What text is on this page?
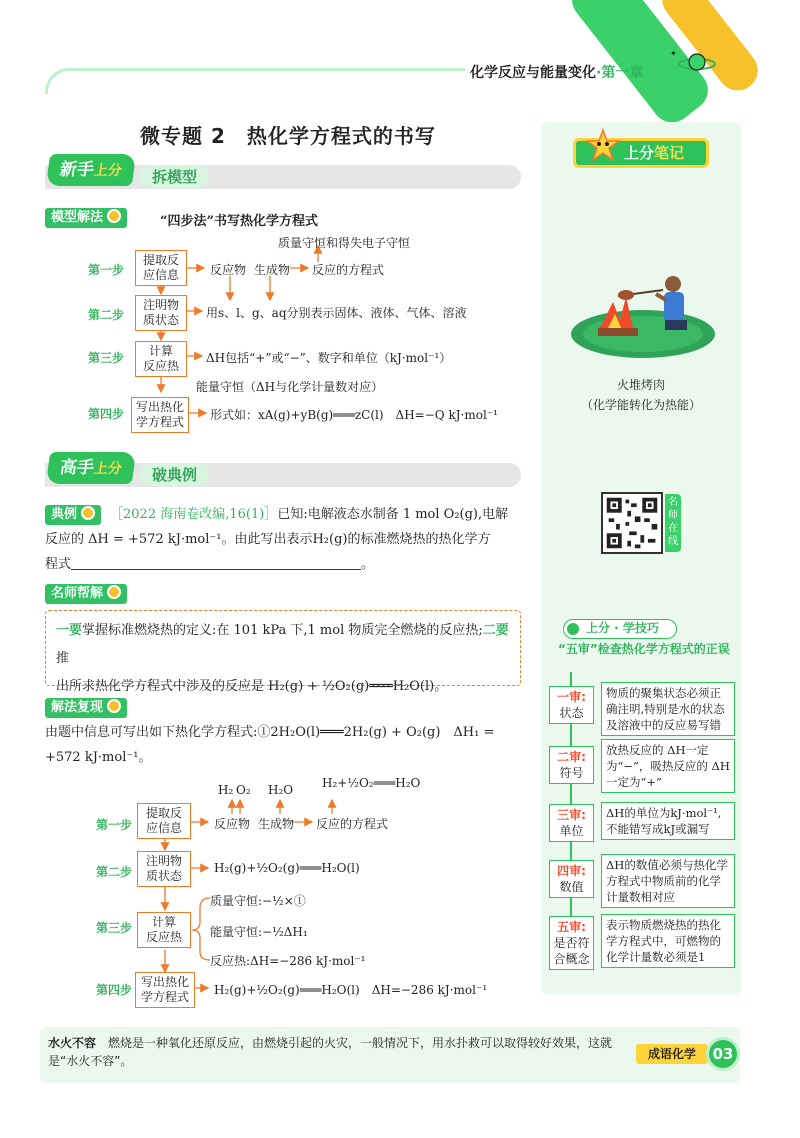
化学反应与能量变化·第一章
✦
微专题 2　热化学方程式的书写
新手上分	拆模型
模型解法	“四步法”书写热化学方程式
第一步
第二步
第三步
第四步
提取反
应信息
注明物
质状态
计算
反应热
写出热化
学方程式
质量守恒和得失电子守恒
反应物 生成物 反应的方程式
用s、l、g、aq分别表示固体、液体、气体、溶液
ΔH包括“+”或“−”、数字和单位（kJ·mol⁻¹）
能量守恒（ΔH与化学计量数对应）
形式如：xA(g)+yB(g)═══zC(l)　ΔH=−Q kJ·mol⁻¹
高手上分	破典例
典例	［2022 海南卷改编,16(1)］已知:电解液态水制备 1 mol O₂(g),电解
反应的 ΔH = +572 kJ·mol⁻¹。由此写出表示H₂(g)的标准燃烧热的热化学方
程式	。
名师帮解
一要掌握标准燃烧热的定义:在 101 kPa 下,1 mol 物质完全燃烧的反应热;二要推
出所求热化学方程式中涉及的反应是 H₂(g) + ½O₂(g)═══H₂O(l)。
解法复现
由题中信息可写出如下热化学方程式:①2H₂O(l)═══2H₂(g) + O₂(g)　ΔH₁ =
+572 kJ·mol⁻¹。
第一步
第二步
第三步
第四步
提取反
应信息
注明物
质状态
计算
反应热
写出热化
学方程式
H₂ O₂ H₂O H₂+½O₂═══H₂O
反应物 生成物 反应的方程式
H₂(g)+½O₂(g)═══H₂O(l)
质量守恒:−½×①
能量守恒:−½ΔH₁
反应热:ΔH=−286 kJ·mol⁻¹
H₂(g)+½O₂(g)═══H₂O(l)　ΔH=−286 kJ·mol⁻¹
上分笔记
火堆烤肉
（化学能转化为热能）
名师在线
上分 · 学技巧
“五审”检查热化学方程式的正误
一审:
状态
物质的聚集状态必须正确注明,特别是水的状态及溶液中的反应易写错
二审:
符号
放热反应的 ΔH一定为“−”，吸热反应的 ΔH一定为“+”
三审:
单位
ΔH的单位为kJ·mol⁻¹,不能错写成kJ或漏写
四审:
数值
ΔH的数值必须与热化学方程式中物质前的化学计量数相对应
五审:
是否符合概念
表示物质燃烧热的热化学方程式中，可燃物的化学计量数必须是1
水火不容　 燃烧是一种氧化还原反应，由燃烧引起的火灾，一般情况下，用水扑救可以取得较好效果，这就是“水火不容”。	成语化学	03
